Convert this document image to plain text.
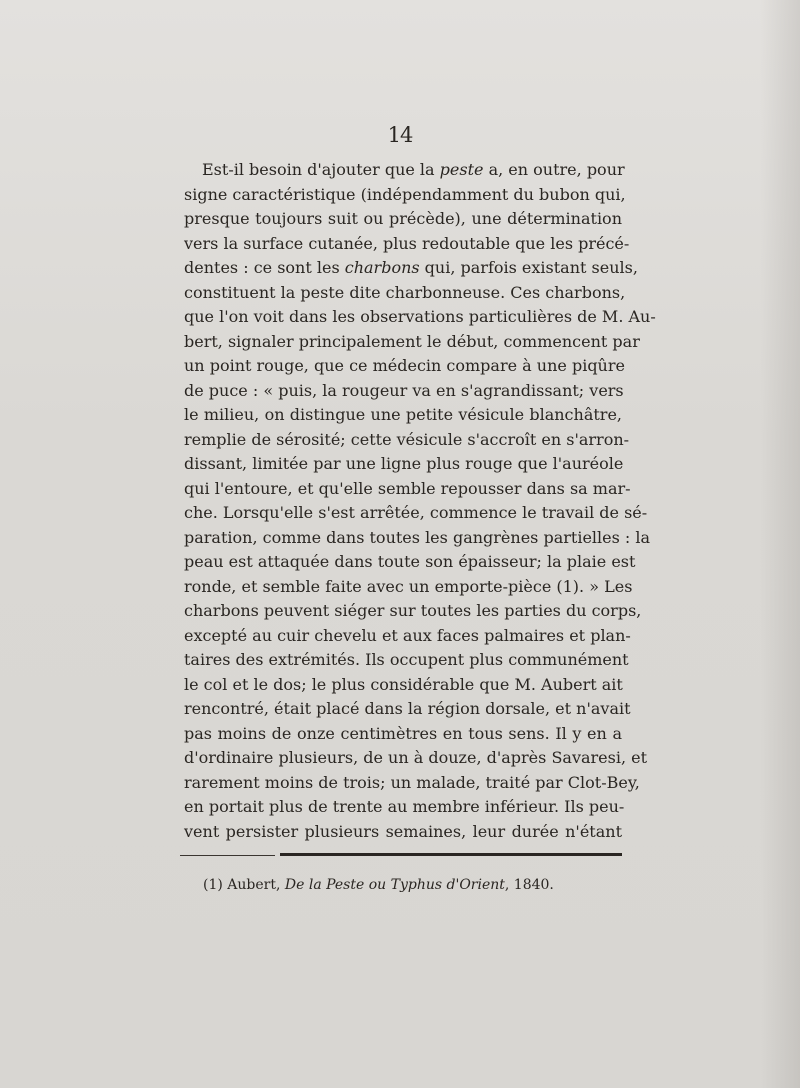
14
Est-il besoin d'ajouter que la peste a, en outre, pour
signe caractéristique (indépendamment du bubon qui,
presque toujours suit ou précède), une détermination
vers la surface cutanée, plus redoutable que les précé-
dentes : ce sont les charbons qui, parfois existant seuls,
constituent la peste dite charbonneuse. Ces charbons,
que l'on voit dans les observations particulières de M. Au-
bert, signaler principalement le début, commencent par
un point rouge, que ce médecin compare à une piqûre
de puce : « puis, la rougeur va en s'agrandissant; vers
le milieu, on distingue une petite vésicule blanchâtre,
remplie de sérosité; cette vésicule s'accroît en s'arron-
dissant, limitée par une ligne plus rouge que l'auréole
qui l'entoure, et qu'elle semble repousser dans sa mar-
che. Lorsqu'elle s'est arrêtée, commence le travail de sé-
paration, comme dans toutes les gangrènes partielles : la
peau est attaquée dans toute son épaisseur; la plaie est
ronde, et semble faite avec un emporte-pièce (1). » Les
charbons peuvent siéger sur toutes les parties du corps,
excepté au cuir chevelu et aux faces palmaires et plan-
taires des extrémités. Ils occupent plus communément
le col et le dos; le plus considérable que M. Aubert ait
rencontré, était placé dans la région dorsale, et n'avait
pas moins de onze centimètres en tous sens. Il y en a
d'ordinaire plusieurs, de un à douze, d'après Savaresi, et
rarement moins de trois; un malade, traité par Clot-Bey,
en portait plus de trente au membre inférieur. Ils peu-
vent persister plusieurs semaines, leur durée n'étant
(1) Aubert, De la Peste ou Typhus d'Orient, 1840.
